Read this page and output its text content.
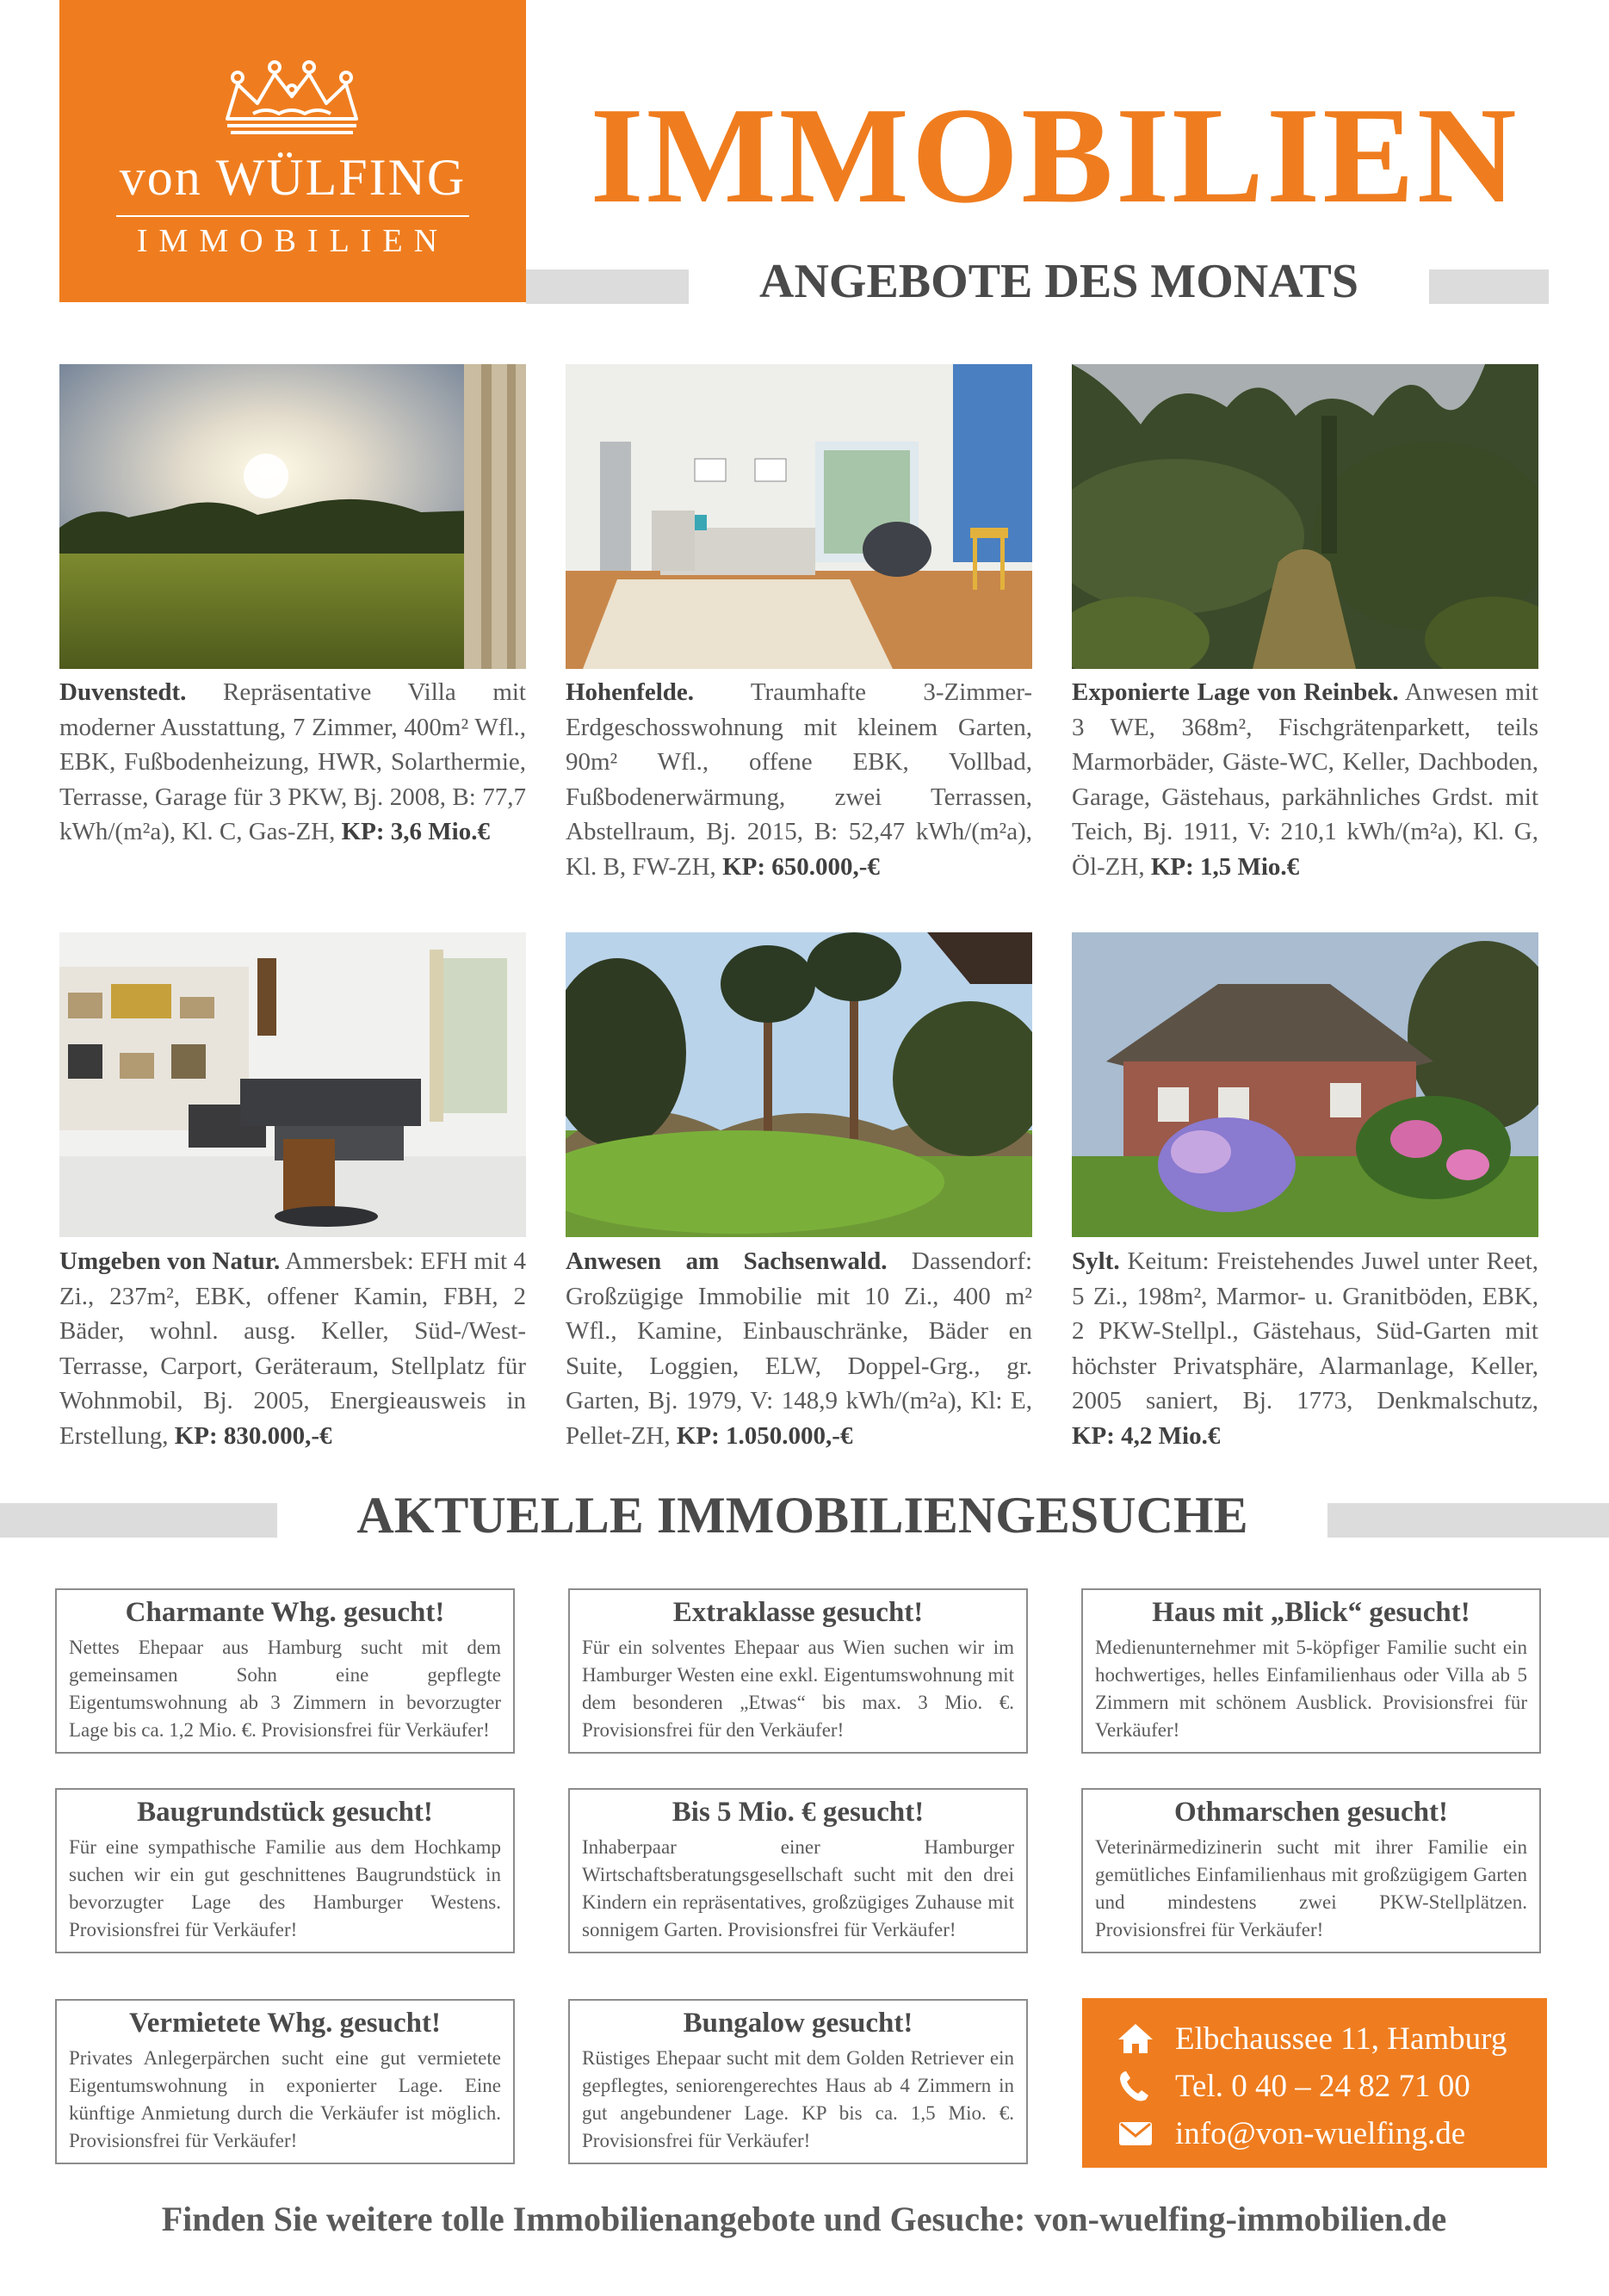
von WÜLFING
IMMOBILIEN
IMMOBILIEN
ANGEBOTE DES MONATS
Duvenstedt. Repräsentative Villa mit moderner Ausstattung, 7 Zimmer, 400m² Wfl., EBK, Fußbodenheizung, HWR, Solarthermie, Terrasse, Garage für 3 PKW, Bj. 2008, B: 77,7 kWh/(m²a), Kl. C, Gas-ZH, KP: 3,6 Mio.€
Hohenfelde. Traumhafte 3-Zimmer-Erdgeschosswohnung mit kleinem Garten, 90m² Wfl., offene EBK, Vollbad, Fußbodenerwärmung, zwei Terrassen, Abstellraum, Bj. 2015, B: 52,47 kWh/(m²a), Kl. B, FW-ZH, KP: 650.000,-€
Exponierte Lage von Reinbek. Anwesen mit 3 WE, 368m², Fischgrätenparkett, teils Marmorbäder, Gäste-WC, Keller, Dachboden, Garage, Gästehaus, parkähnliches Grdst. mit Teich, Bj. 1911, V: 210,1 kWh/(m²a), Kl. G, Öl-ZH, KP: 1,5 Mio.€
Umgeben von Natur. Ammersbek: EFH mit 4 Zi., 237m², EBK, offener Kamin, FBH, 2 Bäder, wohnl. ausg. Keller, Süd-/West-Terrasse, Carport, Geräteraum, Stellplatz für Wohnmobil, Bj. 2005, Energieausweis in Erstellung, KP: 830.000,-€
Anwesen am Sachsenwald. Dassendorf: Großzügige Immobilie mit 10 Zi., 400 m² Wfl., Kamine, Einbauschränke, Bäder en Suite, Loggien, ELW, Doppel-Grg., gr. Garten, Bj. 1979, V: 148,9 kWh/(m²a), Kl: E, Pellet-ZH, KP: 1.050.000,-€
Sylt. Keitum: Freistehendes Juwel unter Reet, 5 Zi., 198m², Marmor- u. Granitböden, EBK, 2 PKW-Stellpl., Gästehaus, Süd-Garten mit höchster Privatsphäre, Alarmanlage, Keller, 2005 saniert, Bj. 1773, Denkmalschutz, KP: 4,2 Mio.€
AKTUELLE IMMOBILIENGESUCHE
Charmante Whg. gesucht!
Nettes Ehepaar aus Hamburg sucht mit dem gemeinsamen Sohn eine gepflegte Eigentumswohnung ab 3 Zimmern in bevorzugter Lage bis ca. 1,2 Mio. €. Provisionsfrei für Verkäufer!
Extraklasse gesucht!
Für ein solventes Ehepaar aus Wien suchen wir im Hamburger Westen eine exkl. Eigentumswohnung mit dem besonderen „Etwas“ bis max. 3 Mio. €. Provisionsfrei für den Verkäufer!
Haus mit „Blick“ gesucht!
Medienunternehmer mit 5-köpfiger Familie sucht ein hochwertiges, helles Einfamilienhaus oder Villa ab 5 Zimmern mit schönem Ausblick. Provisionsfrei für Verkäufer!
Baugrundstück gesucht!
Für eine sympathische Familie aus dem Hochkamp suchen wir ein gut geschnittenes Baugrundstück in bevorzugter Lage des Hamburger Westens. Provisionsfrei für Verkäufer!
Bis 5 Mio. € gesucht!
Inhaberpaar einer Hamburger Wirtschaftsberatungsgesellschaft sucht mit den drei Kindern ein repräsentatives, großzügiges Zuhause mit sonnigem Garten. Provisionsfrei für Verkäufer!
Othmarschen gesucht!
Veterinärmedizinerin sucht mit ihrer Familie ein gemütliches Einfamilienhaus mit großzügigem Garten und mindestens zwei PKW-Stellplätzen. Provisionsfrei für Verkäufer!
Vermietete Whg. gesucht!
Privates Anlegerpärchen sucht eine gut vermietete Eigentumswohnung in exponierter Lage. Eine künftige Anmietung durch die Verkäufer ist möglich. Provisionsfrei für Verkäufer!
Bungalow gesucht!
Rüstiges Ehepaar sucht mit dem Golden Retriever ein gepflegtes, seniorengerechtes Haus ab 4 Zimmern in gut angebundener Lage. KP bis ca. 1,5 Mio. €. Provisionsfrei für Verkäufer!
Elbchaussee 11, Hamburg
Tel. 0 40 – 24 82 71 00
info@von-wuelfing.de
Finden Sie weitere tolle Immobilienangebote und Gesuche: von-wuelfing-immobilien.de
